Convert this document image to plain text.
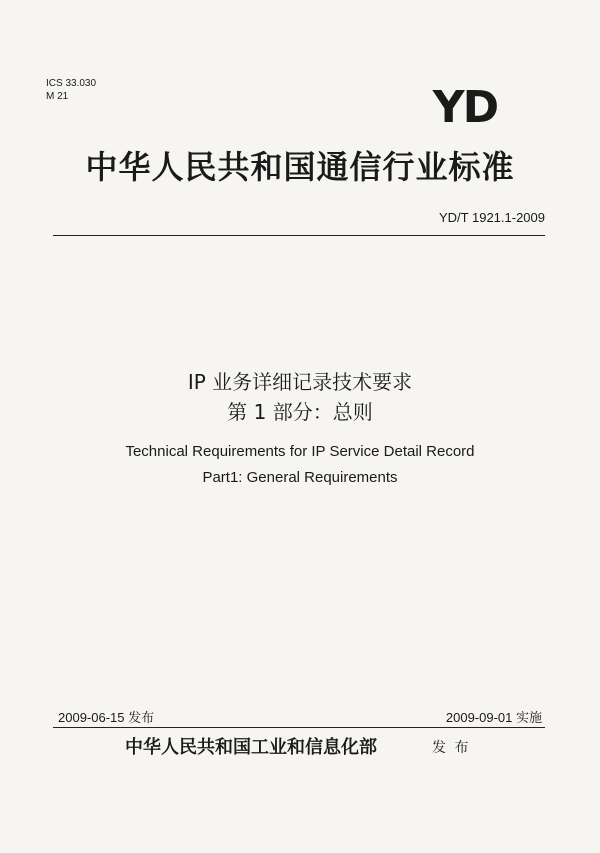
ICS 33.030
M 21	YD
中华人民共和国通信行业标准
YD/T 1921.1-2009
IP 业务详细记录技术要求
第 1 部分：总则
Technical Requirements for IP Service Detail Record
Part1: General Requirements
2009-06-15 发布	2009-09-01 实施
中华人民共和国工业和信息化部	发 布
